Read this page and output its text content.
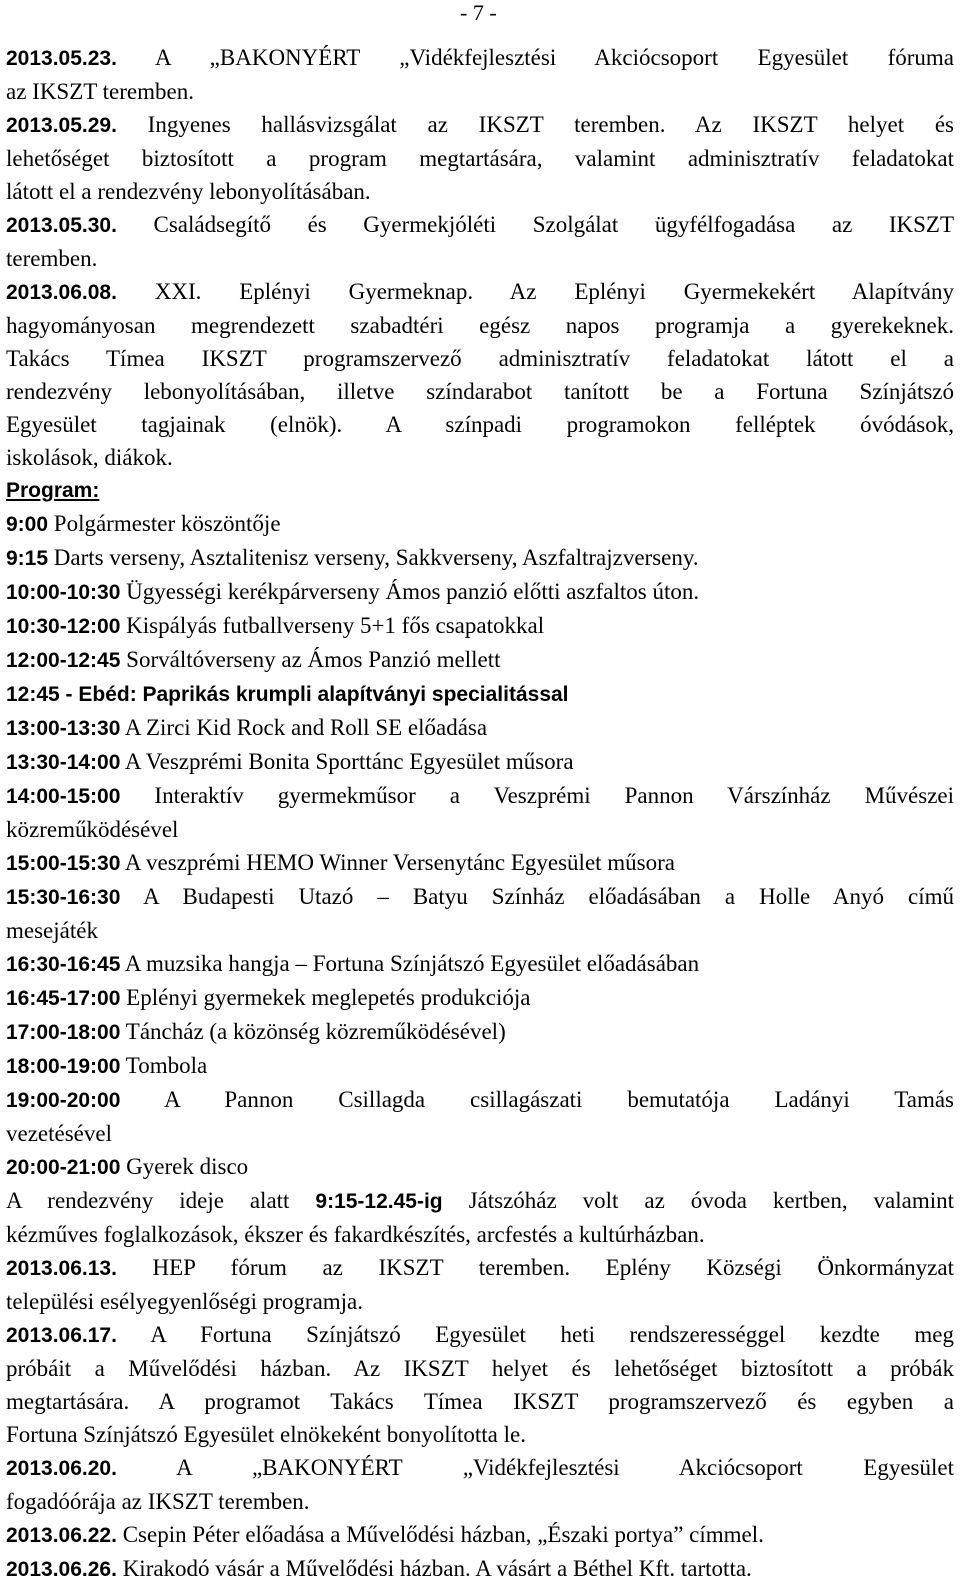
- 7 -
2013.05.23. A „BAKONYÉRT „Vidékfejlesztési Akciócsoport Egyesület fóruma
az IKSZT teremben.
2013.05.29. Ingyenes hallásvizsgálat az IKSZT teremben. Az IKSZT helyet és
lehetőséget biztosított a program megtartására, valamint adminisztratív feladatokat
látott el a rendezvény lebonyolításában.
2013.05.30. Családsegítő és Gyermekjóléti Szolgálat ügyfélfogadása az IKSZT
teremben.
2013.06.08. XXI. Eplényi Gyermeknap. Az Eplényi Gyermekekért Alapítvány
hagyományosan megrendezett szabadtéri egész napos programja a gyerekeknek.
Takács Tímea IKSZT programszervező adminisztratív feladatokat látott el a
rendezvény lebonyolításában, illetve színdarabot tanított be a Fortuna Színjátszó
Egyesület tagjainak (elnök). A színpadi programokon felléptek óvódások,
iskolások, diákok.
Program:
9:00 Polgármester köszöntője
9:15 Darts verseny, Asztalitenisz verseny, Sakkverseny, Aszfaltrajzverseny.
10:00-10:30 Ügyességi kerékpárverseny Ámos panzió előtti aszfaltos úton.
10:30-12:00 Kispályás futballverseny 5+1 fős csapatokkal
12:00-12:45 Sorváltóverseny az Ámos Panzió mellett
12:45 - Ebéd: Paprikás krumpli alapítványi specialitással
13:00-13:30 A Zirci Kid Rock and Roll SE előadása
13:30-14:00 A Veszprémi Bonita Sporttánc Egyesület műsora
14:00-15:00 Interaktív gyermekműsor a Veszprémi Pannon Várszínház Művészei
közreműködésével
15:00-15:30 A veszprémi HEMO Winner Versenytánc Egyesület műsora
15:30-16:30 A Budapesti Utazó – Batyu Színház előadásában a Holle Anyó című
mesejáték
16:30-16:45 A muzsika hangja – Fortuna Színjátszó Egyesület előadásában
16:45-17:00 Eplényi gyermekek meglepetés produkciója
17:00-18:00 Táncház (a közönség közreműködésével)
18:00-19:00 Tombola
19:00-20:00 A Pannon Csillagda csillagászati bemutatója Ladányi Tamás
vezetésével
20:00-21:00 Gyerek disco
A rendezvény ideje alatt 9:15-12.45-ig Játszóház volt az óvoda kertben, valamint
kézműves foglalkozások, ékszer és fakardkészítés, arcfestés a kultúrházban.
2013.06.13. HEP fórum az IKSZT teremben. Eplény Községi Önkormányzat
települési esélyegyenlőségi programja.
2013.06.17. A Fortuna Színjátszó Egyesület heti rendszerességgel kezdte meg
próbáit a Művelődési házban. Az IKSZT helyet és lehetőséget biztosított a próbák
megtartására. A programot Takács Tímea IKSZT programszervező és egyben a
Fortuna Színjátszó Egyesület elnökeként bonyolította le.
2013.06.20.	A „BAKONYÉRT „Vidékfejlesztési Akciócsoport Egyesület
fogadóórája az IKSZT teremben.
2013.06.22. Csepin Péter előadása a Művelődési házban, „Északi portya” címmel.
2013.06.26. Kirakodó vásár a Művelődési házban. A vásárt a Béthel Kft. tartotta.
